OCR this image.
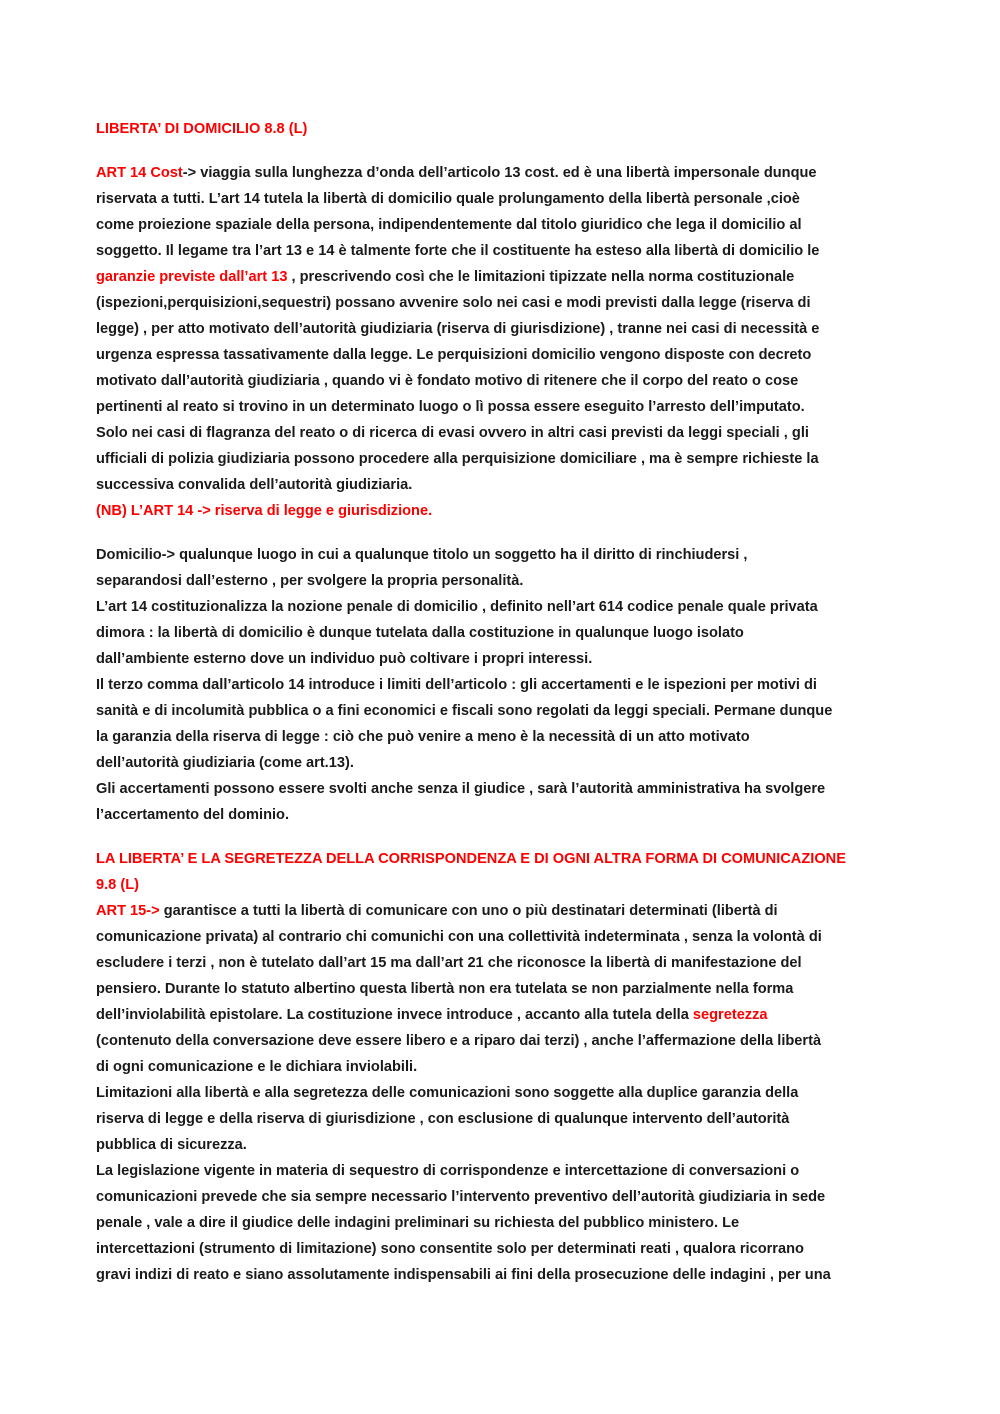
LIBERTA’ DI DOMICILIO 8.8 (L)
ART 14 Cost-> viaggia sulla lunghezza d’onda dell’articolo 13 cost. ed è una libertà impersonale dunque
riservata a tutti. L’art 14 tutela la libertà di domicilio quale prolungamento della libertà personale ,cioè
come proiezione spaziale della persona, indipendentemente dal titolo giuridico che lega il domicilio al
soggetto. Il legame tra l’art 13 e 14 è talmente forte che il costituente ha esteso alla libertà di domicilio le
garanzie previste dall’art 13 , prescrivendo così che le limitazioni tipizzate nella norma costituzionale
(ispezioni,perquisizioni,sequestri) possano avvenire solo nei casi e modi previsti dalla legge (riserva di
legge) , per atto motivato dell’autorità giudiziaria (riserva di giurisdizione) , tranne nei casi di necessità e
urgenza espressa tassativamente dalla legge. Le perquisizioni domicilio vengono disposte con decreto
motivato dall’autorità giudiziaria , quando vi è fondato motivo di ritenere che il corpo del reato o cose
pertinenti al reato si trovino in un determinato luogo o lì possa essere eseguito l’arresto dell’imputato.
Solo nei casi di flagranza del reato o di ricerca di evasi ovvero in altri casi previsti da leggi speciali , gli
ufficiali di polizia giudiziaria possono procedere alla perquisizione domiciliare , ma è sempre richieste la
successiva convalida dell’autorità giudiziaria.
(NB) L’ART 14 -> riserva di legge e giurisdizione.
Domicilio-> qualunque luogo in cui a qualunque titolo un soggetto ha il diritto di rinchiudersi ,
separandosi dall’esterno , per svolgere la propria personalità.
L’art 14 costituzionalizza la nozione penale di domicilio , definito nell’art 614 codice penale quale privata
dimora : la libertà di domicilio è dunque tutelata dalla costituzione in qualunque luogo isolato
dall’ambiente esterno dove un individuo può coltivare i propri interessi.
Il terzo comma dall’articolo 14 introduce i limiti dell’articolo : gli accertamenti e le ispezioni per motivi di
sanità e di incolumità pubblica o a fini economici e fiscali sono regolati da leggi speciali. Permane dunque
la garanzia della riserva di legge : ciò che può venire a meno è la necessità di un atto motivato
dell’autorità giudiziaria (come art.13).
Gli accertamenti possono essere svolti anche senza il giudice , sarà l’autorità amministrativa ha svolgere
l’accertamento del dominio.
LA LIBERTA’ E LA SEGRETEZZA DELLA CORRISPONDENZA E DI OGNI ALTRA FORMA DI COMUNICAZIONE
9.8 (L)
ART 15-> garantisce a tutti la libertà di comunicare con uno o più destinatari determinati (libertà di
comunicazione privata) al contrario chi comunichi con una collettività indeterminata , senza la volontà di
escludere i terzi , non è tutelato dall’art 15 ma dall’art 21 che riconosce la libertà di manifestazione del
pensiero. Durante lo statuto albertino questa libertà non era tutelata se non parzialmente nella forma
dell’inviolabilità epistolare. La costituzione invece introduce , accanto alla tutela della segretezza
(contenuto della conversazione deve essere libero e a riparo dai terzi) , anche l’affermazione della libertà
di ogni comunicazione e le dichiara inviolabili.
Limitazioni alla libertà e alla segretezza delle comunicazioni sono soggette alla duplice garanzia della
riserva di legge e della riserva di giurisdizione , con esclusione di qualunque intervento dell’autorità
pubblica di sicurezza.
La legislazione vigente in materia di sequestro di corrispondenze e intercettazione di conversazioni o
comunicazioni prevede che sia sempre necessario l’intervento preventivo dell’autorità giudiziaria in sede
penale , vale a dire il giudice delle indagini preliminari su richiesta del pubblico ministero. Le
intercettazioni (strumento di limitazione) sono consentite solo per determinati reati , qualora ricorrano
gravi indizi di reato e siano assolutamente indispensabili ai fini della prosecuzione delle indagini , per una
